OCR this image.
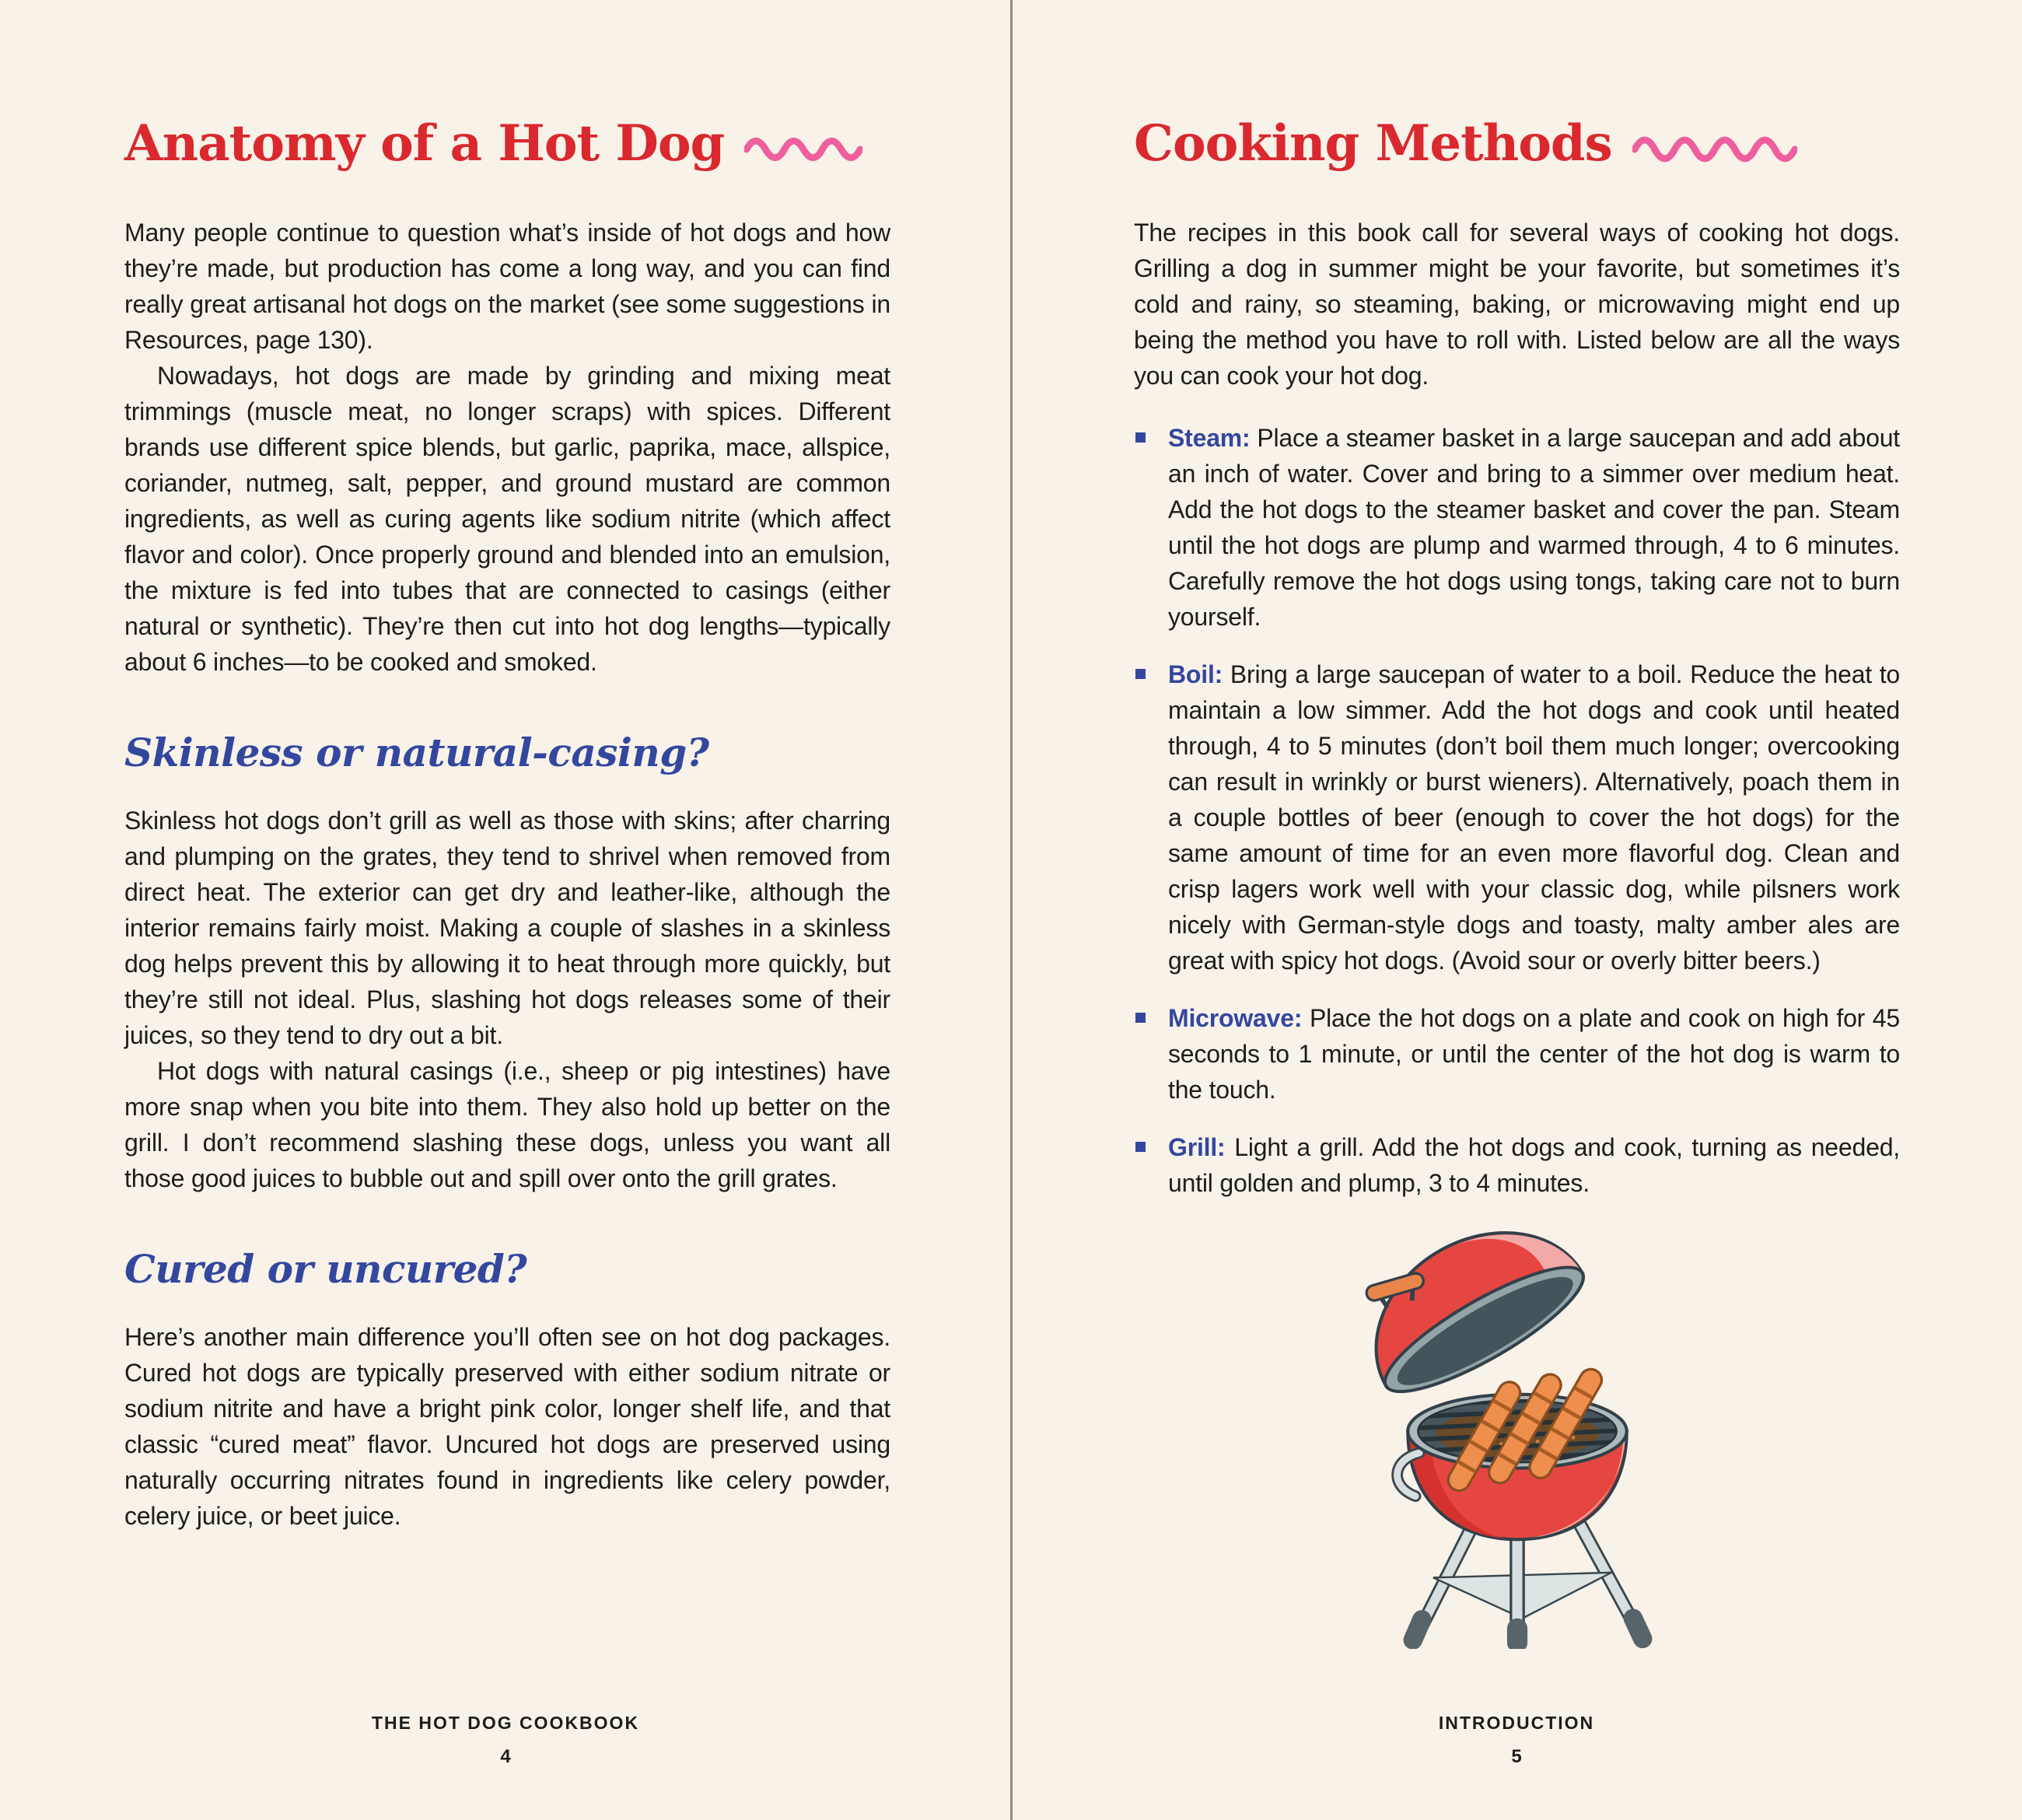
Anatomy of a Hot Dog

Many people continue to question what’s inside of hot dogs and how they’re made, but production has come a long way, and you can find really great artisanal hot dogs on the market (see some suggestions in Resources, page 130).

Nowadays, hot dogs are made by grinding and mixing meat trimmings (muscle meat, no longer scraps) with spices. Different brands use different spice blends, but garlic, paprika, mace, allspice, coriander, nutmeg, salt, pepper, and ground mustard are common ingredients, as well as curing agents like sodium nitrite (which affect flavor and color). Once properly ground and blended into an emulsion, the mixture is fed into tubes that are connected to casings (either natural or synthetic). They’re then cut into hot dog lengths—typically about 6 inches—to be cooked and smoked.

Skinless or natural-casing?

Skinless hot dogs don’t grill as well as those with skins; after charring and plumping on the grates, they tend to shrivel when removed from direct heat. The exterior can get dry and leather-like, although the interior remains fairly moist. Making a couple of slashes in a skinless dog helps prevent this by allowing it to heat through more quickly, but they’re still not ideal. Plus, slashing hot dogs releases some of their juices, so they tend to dry out a bit.

Hot dogs with natural casings (i.e., sheep or pig intestines) have more snap when you bite into them. They also hold up better on the grill. I don’t recommend slashing these dogs, unless you want all those good juices to bubble out and spill over onto the grill grates.

Cured or uncured?

Here’s another main difference you’ll often see on hot dog packages. Cured hot dogs are typically preserved with either sodium nitrate or sodium nitrite and have a bright pink color, longer shelf life, and that classic “cured meat” flavor. Uncured hot dogs are preserved using naturally occurring nitrates found in ingredients like celery powder, celery juice, or beet juice.

THE HOT DOG COOKBOOK
4
Cooking Methods

The recipes in this book call for several ways of cooking hot dogs. Grilling a dog in summer might be your favorite, but sometimes it’s cold and rainy, so steaming, baking, or microwaving might end up being the method you have to roll with. Listed below are all the ways you can cook your hot dog.

Steam: Place a steamer basket in a large saucepan and add about an inch of water. Cover and bring to a simmer over medium heat. Add the hot dogs to the steamer basket and cover the pan. Steam until the hot dogs are plump and warmed through, 4 to 6 minutes. Carefully remove the hot dogs using tongs, taking care not to burn yourself.

Boil: Bring a large saucepan of water to a boil. Reduce the heat to maintain a low simmer. Add the hot dogs and cook until heated through, 4 to 5 minutes (don’t boil them much longer; overcooking can result in wrinkly or burst wieners). Alternatively, poach them in a couple bottles of beer (enough to cover the hot dogs) for the same amount of time for an even more flavorful dog. Clean and crisp lagers work well with your classic dog, while pilsners work nicely with German-style dogs and toasty, malty amber ales are great with spicy hot dogs. (Avoid sour or overly bitter beers.)

Microwave: Place the hot dogs on a plate and cook on high for 45 seconds to 1 minute, or until the center of the hot dog is warm to the touch.

Grill: Light a grill. Add the hot dogs and cook, turning as needed, until golden and plump, 3 to 4 minutes.

INTRODUCTION
5
